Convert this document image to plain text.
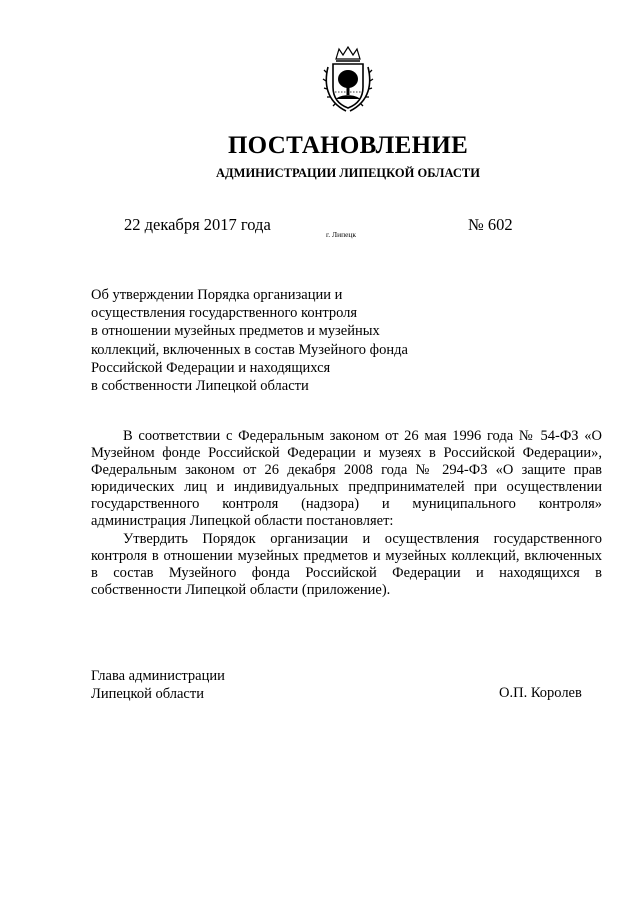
ПОСТАНОВЛЕНИЕ
АДМИНИСТРАЦИИ ЛИПЕЦКОЙ ОБЛАСТИ
22 декабря 2017 года
г. Липецк
№ 602
Об утверждении Порядка организации и
осуществления государственного контроля
в отношении музейных предметов и музейных
коллекций, включенных в состав Музейного фонда
Российской Федерации и находящихся
в собственности Липецкой области

В соответствии с Федеральным законом от 26 мая 1996 года № 54-ФЗ «О Музейном фонде Российской Федерации и музеях в Российской Федерации», Федеральным законом от 26 декабря 2008 года № 294-ФЗ «О защите прав юридических лиц и индивидуальных предпринимателей при осуществлении государственного контроля (надзора) и муниципального контроля» администрация Липецкой области постановляет:

Утвердить Порядок организации и осуществления государственного контроля в отношении музейных предметов и музейных коллекций, включенных в состав Музейного фонда Российской Федерации и находящихся в собственности Липецкой области (приложение).

Глава администрации
Липецкой области	О.П. Королев
